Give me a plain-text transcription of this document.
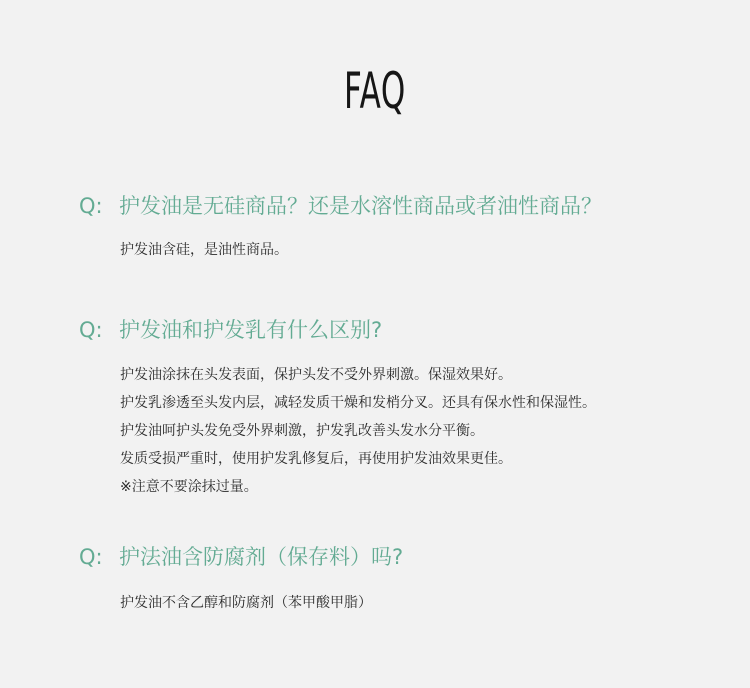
FAQ
Q: 护发油是无硅商品？还是水溶性商品或者油性商品？
护发油含硅，是油性商品。
Q: 护发油和护发乳有什么区别?
护发油涂抹在头发表面，保护头发不受外界刺激。保湿效果好。
护发乳渗透至头发内层，减轻发质干燥和发梢分叉。还具有保水性和保湿性。
护发油呵护头发免受外界刺激，护发乳改善头发水分平衡。
发质受损严重时，使用护发乳修复后，再使用护发油效果更佳。
※注意不要涂抹过量。
Q: 护法油含防腐剂（保存料）吗?
护发油不含乙醇和防腐剂（苯甲酸甲脂）
